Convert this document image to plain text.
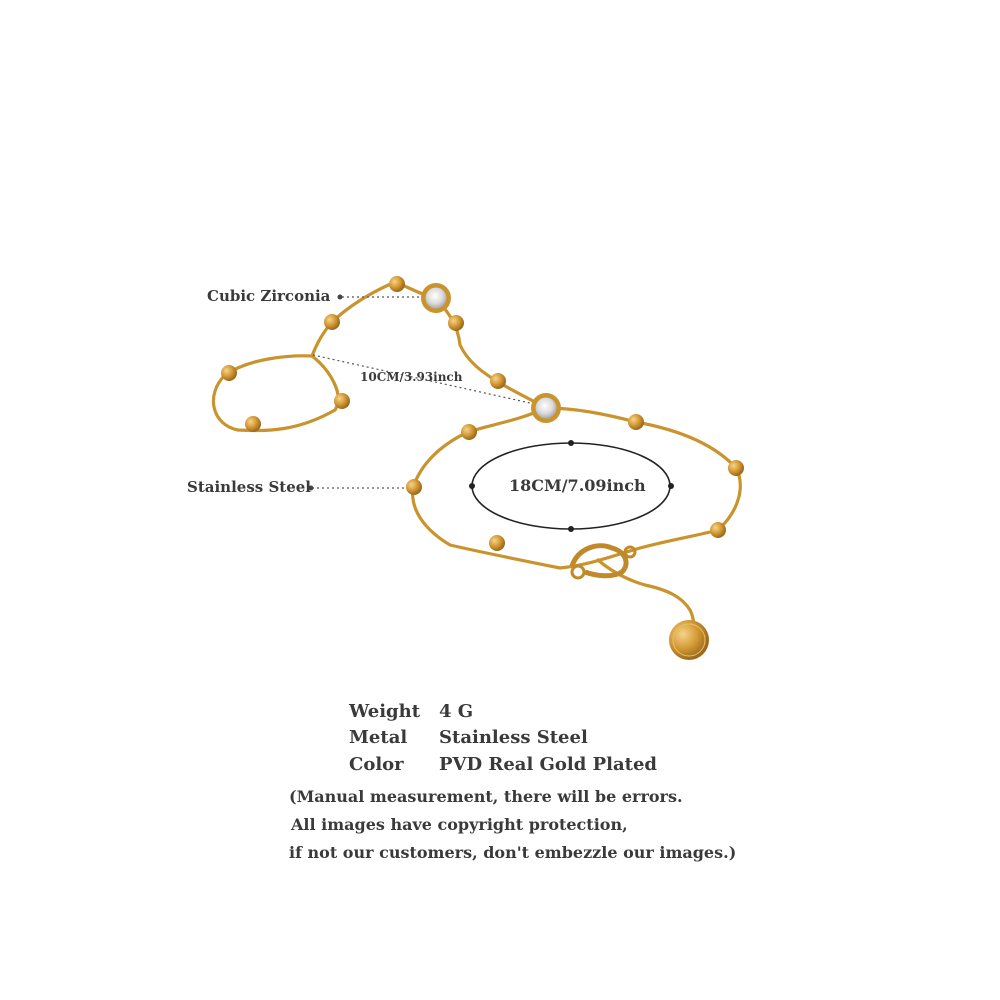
Cubic Zirconia
Stainless Steel
10CM/3.93inch
18CM/7.09inch
Weight 4 G
Metal Stainless Steel
Color PVD Real Gold Plated
(Manual measurement, there will be errors.
All images have copyright protection,
if not our customers, don't embezzle our images.)
